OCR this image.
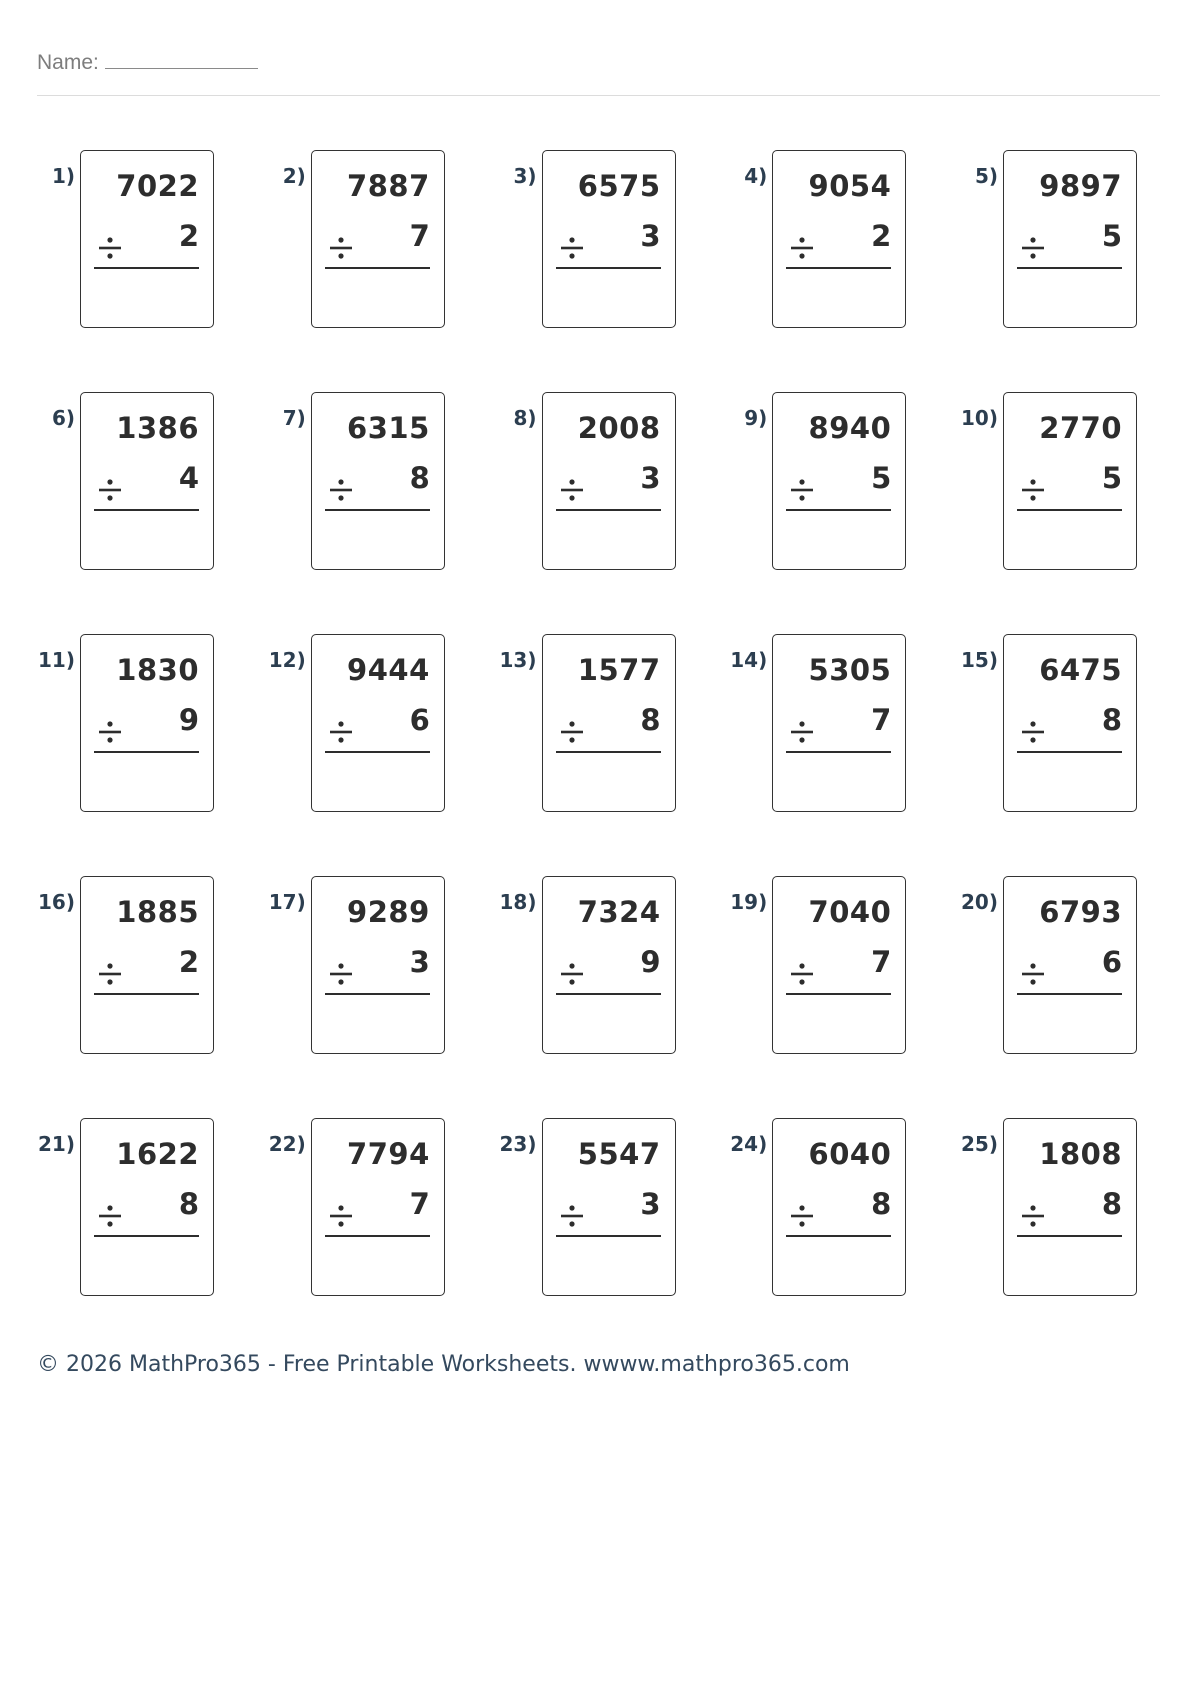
Name:
1) 7022
2
2) 7887
7
3) 6575
3
4) 9054
2
5) 9897
5
6) 1386
4
7) 6315
8
8) 2008
3
9) 8940
5
10) 2770
5
11) 1830
9
12) 9444
6
13) 1577
8
14) 5305
7
15) 6475
8
16) 1885
2
17) 9289
3
18) 7324
9
19) 7040
7
20) 6793
6
21) 1622
8
22) 7794
7
23) 5547
3
24) 6040
8
25) 1808
8
© 2026 MathPro365 - Free Printable Worksheets. wwww.mathpro365.com
